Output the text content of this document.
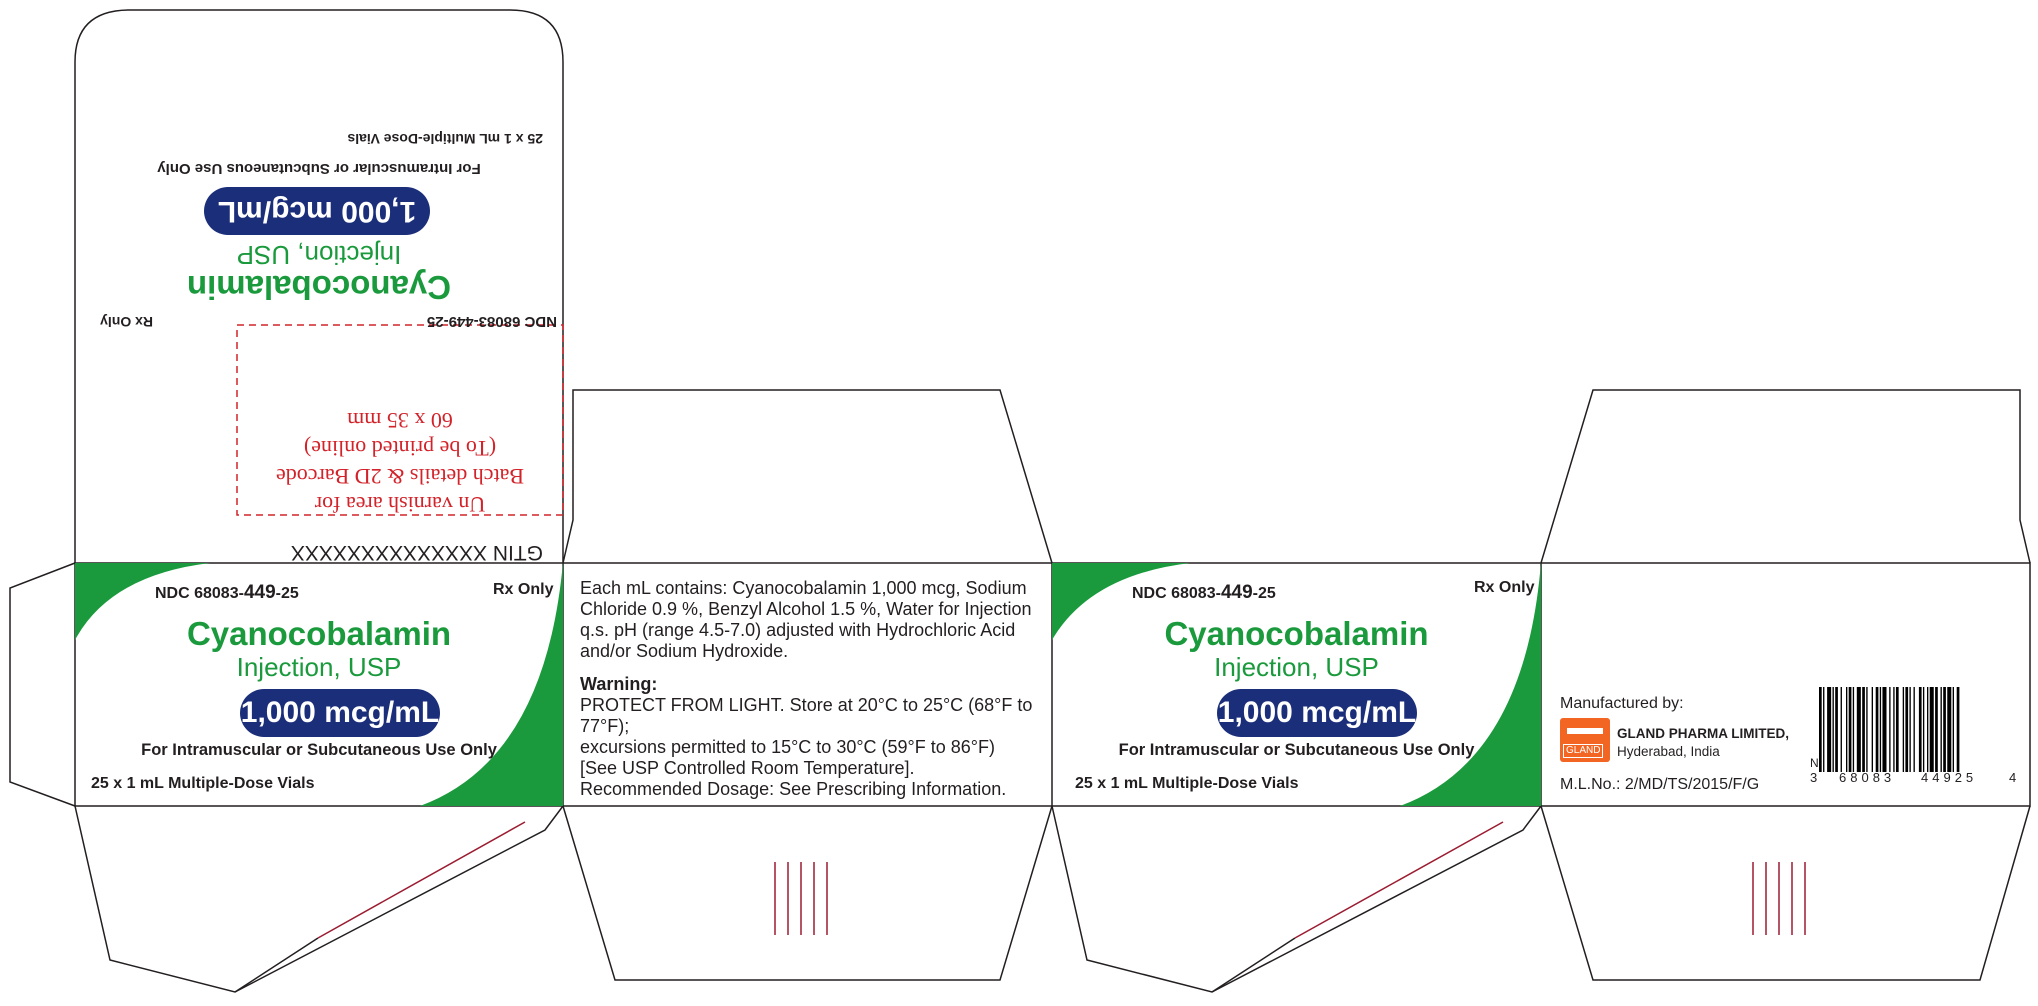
GTIN XXXXXXXXXXXXXX
Un varnish area for
Batch details & 2D Barcode
(To be printed online)
60 x 35 mm
NDC 68083-449-25
Rx Only
Cyanocobalamin
Injection, USP
1,000 mcg/mL
For Intramuscular or Subcutaneous Use Only
25 x 1 mL Multiple-Dose Vials
NDC 68083-449-25	Rx Only
Cyanocobalamin
Injection, USP
1,000 mcg/mL
For Intramuscular or Subcutaneous Use Only
25 x 1 mL Multiple-Dose Vials
Each mL contains: Cyanocobalamin 1,000 mcg, Sodium
Chloride 0.9 %, Benzyl Alcohol 1.5 %, Water for Injection
q.s. pH (range 4.5-7.0) adjusted with Hydrochloric Acid
and/or Sodium Hydroxide.
Warning:
PROTECT FROM LIGHT. Store at 20°C to 25°C (68°F to 77°F);
excursions permitted to 15°C to 30°C (59°F to 86°F)
[See USP Controlled Room Temperature].
Recommended Dosage: See Prescribing Information.
NDC 68083-449-25	Rx Only
Cyanocobalamin
Injection, USP
1,000 mcg/mL
For Intramuscular or Subcutaneous Use Only
25 x 1 mL Multiple-Dose Vials
Manufactured by:
GLAND
GLAND PHARMA LIMITED,
Hyderabad, India
M.L.No.: 2/MD/TS/2015/F/G
N
3 68083 44925 4
